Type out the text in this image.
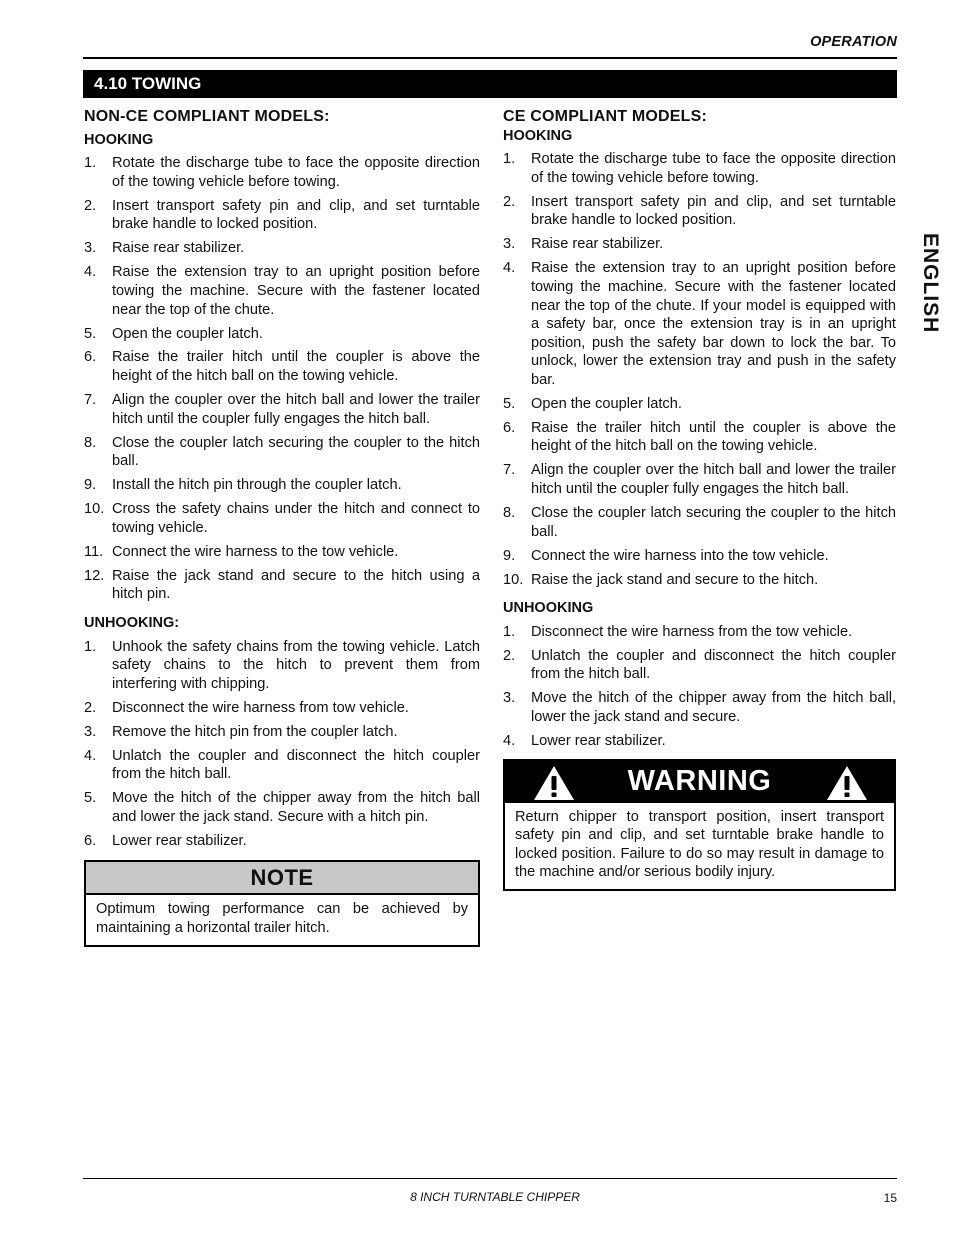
OPERATION
4.10 TOWING
ENGLISH
NON-CE COMPLIANT MODELS:
HOOKING
1.	Rotate the discharge tube to face the opposite direction of the towing vehicle before towing.
2.	Insert transport safety pin and clip, and set turntable brake handle to locked position.
3.	Raise rear stabilizer.
4.	Raise the extension tray to an upright position before towing the machine. Secure with the fastener located near the top of the chute.
5.	Open the coupler latch.
6.	Raise the trailer hitch until the coupler is above the height of the hitch ball on the towing vehicle.
7.	Align the coupler over the hitch ball and lower the trailer hitch until the coupler fully engages the hitch ball.
8.	Close the coupler latch securing the coupler to the hitch ball.
9.	Install the hitch pin through the coupler latch.
10. Cross the safety chains under the hitch and connect to towing vehicle.
11. Connect the wire harness to the tow vehicle.
12. Raise the jack stand and secure to the hitch using a hitch pin.
UNHOOKING:
1.	Unhook the safety chains from the towing vehicle. Latch safety chains to the hitch to prevent them from interfering with chipping.
2.	Disconnect the wire harness from tow vehicle.
3.	Remove the hitch pin from the coupler latch.
4.	Unlatch the coupler and disconnect the hitch coupler from the hitch ball.
5.	Move the hitch of the chipper away from the hitch ball and lower the jack stand. Secure with a hitch pin.
6.	Lower rear stabilizer.
NOTE
Optimum towing performance can be achieved by maintaining a horizontal trailer hitch.
CE COMPLIANT MODELS:
HOOKING
1.	Rotate the discharge tube to face the opposite direction of the towing vehicle before towing.
2.	Insert transport safety pin and clip, and set turntable brake handle to locked position.
3.	Raise rear stabilizer.
4.	Raise the extension tray to an upright position before towing the machine. Secure with the fastener located near the top of the chute. If your model is equipped with a safety bar, once the extension tray is in an upright position, push the safety bar down to lock the bar. To unlock, lower the extension tray and push in the safety bar.
5.	Open the coupler latch.
6.	Raise the trailer hitch until the coupler is above the height of the hitch ball on the towing vehicle.
7.	Align the coupler over the hitch ball and lower the trailer hitch until the coupler fully engages the hitch ball.
8.	Close the coupler latch securing the coupler to the hitch ball.
9.	Connect the wire harness into the tow vehicle.
10. Raise the jack stand and secure to the hitch.
UNHOOKING
1.	Disconnect the wire harness from the tow vehicle.
2.	Unlatch the coupler and disconnect the hitch coupler from the hitch ball.
3.	Move the hitch of the chipper away from the hitch ball, lower the jack stand and secure.
4.	Lower rear stabilizer.
WARNING
Return chipper to transport position, insert transport safety pin and clip, and set turntable brake handle to locked position. Failure to do so may result in damage to the machine and/or serious bodily injury.
8 INCH TURNTABLE CHIPPER	15
